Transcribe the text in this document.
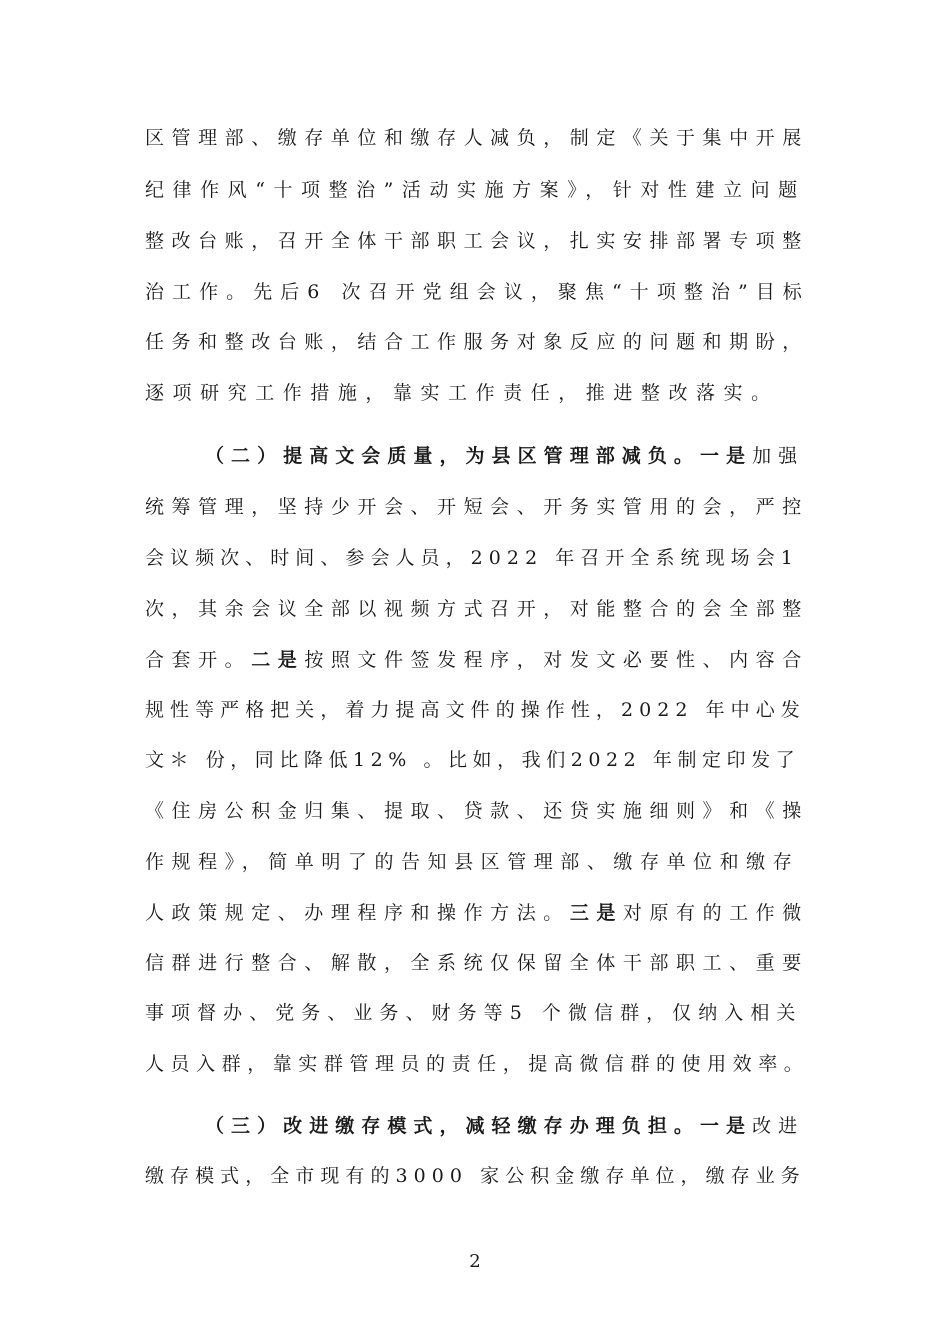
区管理部、缴存单位和缴存人减负，制定《关于集中开展
纪律作风“十项整治”活动实施方案》，针对性建立问题
整改台账，召开全体干部职工会议，扎实安排部署专项整
治工作。先后6 次召开党组会议，聚焦“十项整治”目标
任务和整改台账，结合工作服务对象反应的问题和期盼，
逐项研究工作措施，靠实工作责任，推进整改落实。
（二）提高文会质量，为县区管理部减负。一是加强
统筹管理，坚持少开会、开短会、开务实管用的会，严控
会议频次、时间、参会人员，2022 年召开全系统现场会1
次，其余会议全部以视频方式召开，对能整合的会全部整
合套开。二是按照文件签发程序，对发文必要性、内容合
规性等严格把关，着力提高文件的操作性，2022 年中心发
文＊ 份，同比降低12% 。比如，我们2022 年制定印发了
《住房公积金归集、提取、贷款、还贷实施细则》和《操
作规程》，简单明了的告知县区管理部、缴存单位和缴存
人政策规定、办理程序和操作方法。三是对原有的工作微
信群进行整合、解散，全系统仅保留全体干部职工、重要
事项督办、党务、业务、财务等5 个微信群，仅纳入相关
人员入群，靠实群管理员的责任，提高微信群的使用效率。
（三）改进缴存模式，减轻缴存办理负担。一是改进
缴存模式，全市现有的3000 家公积金缴存单位，缴存业务
2
